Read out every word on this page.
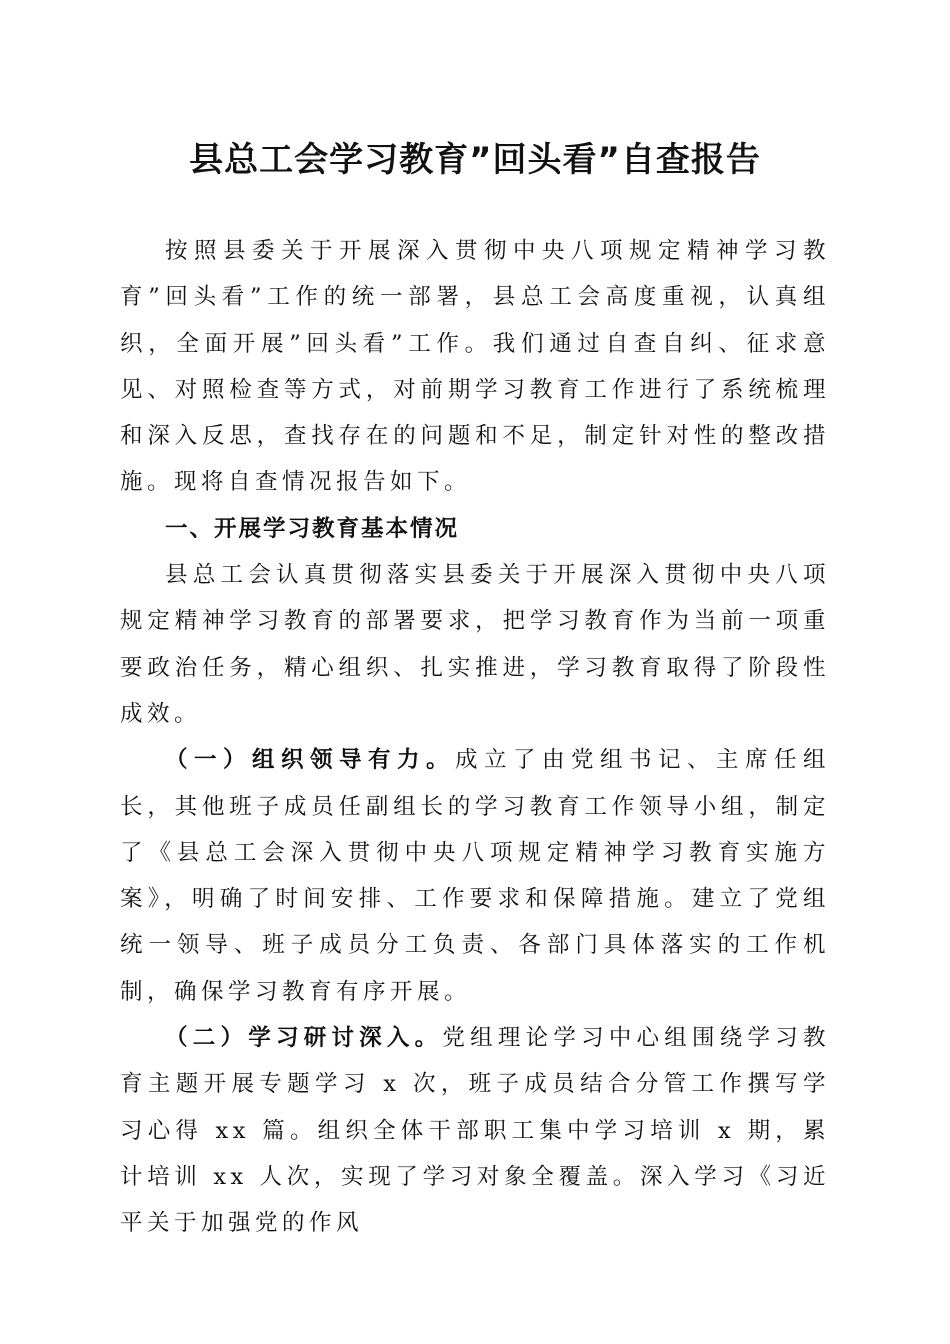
县总工会学习教育”回头看”自查报告

按照县委关于开展深入贯彻中央八项规定精神学习教育”回头看”工作的统一部署，县总工会高度重视，认真组织，全面开展”回头看”工作。我们通过自查自纠、征求意见、对照检查等方式，对前期学习教育工作进行了系统梳理和深入反思，查找存在的问题和不足，制定针对性的整改措施。现将自查情况报告如下。

一、开展学习教育基本情况

县总工会认真贯彻落实县委关于开展深入贯彻中央八项规定精神学习教育的部署要求，把学习教育作为当前一项重要政治任务，精心组织、扎实推进，学习教育取得了阶段性成效。

（一）组织领导有力。成立了由党组书记、主席任组长，其他班子成员任副组长的学习教育工作领导小组，制定了《县总工会深入贯彻中央八项规定精神学习教育实施方案》，明确了时间安排、工作要求和保障措施。建立了党组统一领导、班子成员分工负责、各部门具体落实的工作机制，确保学习教育有序开展。

（二）学习研讨深入。党组理论学习中心组围绕学习教育主题开展专题学习 x 次，班子成员结合分管工作撰写学习心得 xx 篇。组织全体干部职工集中学习培训 x 期，累计培训 xx 人次，实现了学习对象全覆盖。深入学习《习近平关于加强党的作风
